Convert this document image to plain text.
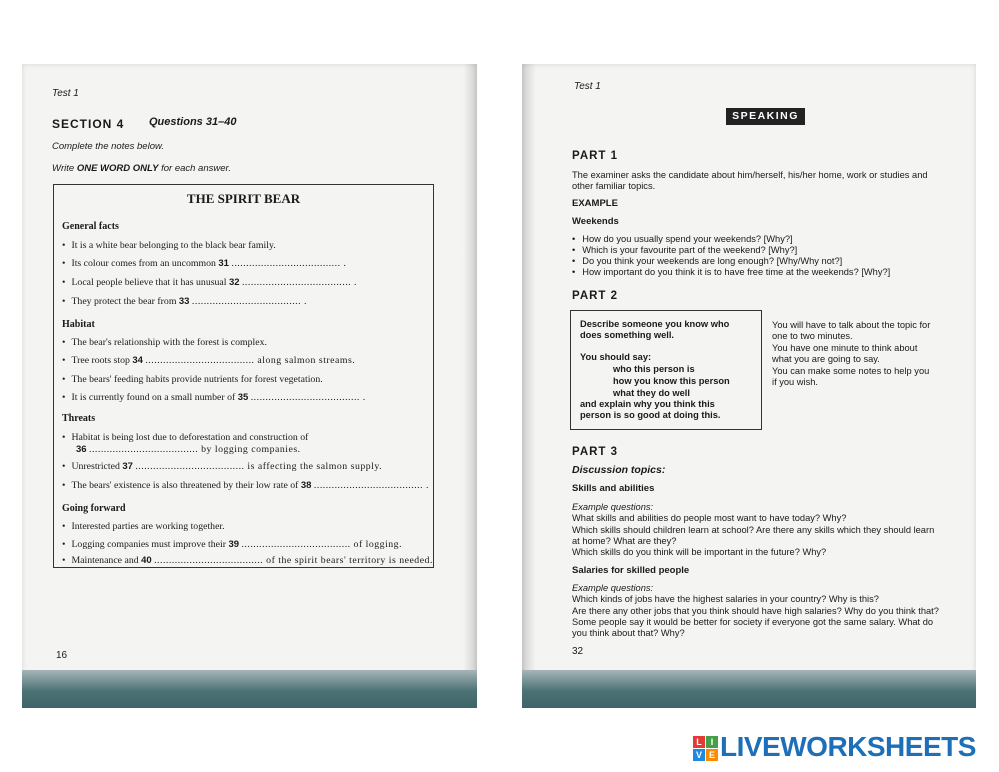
Test 1
SECTION 4 Questions 31–40
Complete the notes below.
Write ONE WORD ONLY for each answer.
THE SPIRIT BEAR
General facts
• It is a white bear belonging to the black bear family.
• Its colour comes from an uncommon 31 ..................................... .
• Local people believe that it has unusual 32 ..................................... .
• They protect the bear from 33 ..................................... .
Habitat
• The bear's relationship with the forest is complex.
• Tree roots stop 34 ..................................... along salmon streams.
• The bears' feeding habits provide nutrients for forest vegetation.
• It is currently found on a small number of 35 ..................................... .
Threats
• Habitat is being lost due to deforestation and construction of
36 ..................................... by logging companies.
• Unrestricted 37 ..................................... is affecting the salmon supply.
• The bears' existence is also threatened by their low rate of 38 ..................................... .
Going forward
• Interested parties are working together.
• Logging companies must improve their 39 ..................................... of logging.
• Maintenance and 40 ..................................... of the spirit bears' territory is needed.
16
Test 1
SPEAKING
PART 1
The examiner asks the candidate about him/herself, his/her home, work or studies and
other familiar topics.
EXAMPLE
Weekends
• How do you usually spend your weekends? [Why?]
• Which is your favourite part of the weekend? [Why?]
• Do you think your weekends are long enough? [Why/Why not?]
• How important do you think it is to have free time at the weekends? [Why?]
PART 2
Describe someone you know who
does something well.
You should say:
who this person is
how you know this person
what they do well
and explain why you think this
person is so good at doing this.
You will have to talk about the topic for
one to two minutes.
You have one minute to think about
what you are going to say.
You can make some notes to help you
if you wish.
PART 3
Discussion topics:
Skills and abilities
Example questions:
What skills and abilities do people most want to have today? Why?
Which skills should children learn at school? Are there any skills which they should learn
at home? What are they?
Which skills do you think will be important in the future? Why?
Salaries for skilled people
Example questions:
Which kinds of jobs have the highest salaries in your country? Why is this?
Are there any other jobs that you think should have high salaries? Why do you think that?
Some people say it would be better for society if everyone got the same salary. What do
you think about that? Why?
32
L I
V E LIVEWORKSHEETS
